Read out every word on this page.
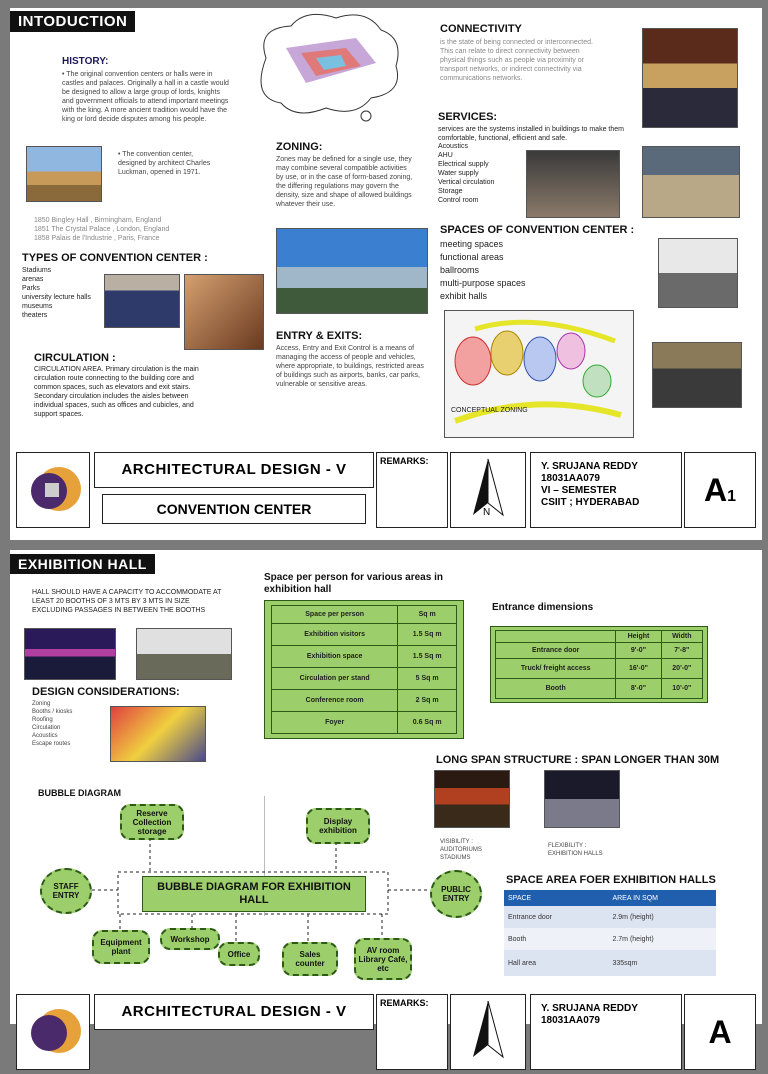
INTODUCTION
HISTORY:
• The original convention centers or halls were in castles and palaces. Originally a hall in a castle would be designed to allow a large group of lords, knights and government officials to attend important meetings with the king. A more ancient tradition would have the king or lord decide disputes among his people.
• The convention center, designed by architect Charles Luckman, opened in 1971.
1850 Bingley Hall , Birmingham, England
1851 The Crystal Palace , London, England
1858 Palais de l'Industrie , Paris, France
TYPES OF CONVENTION CENTER :
Stadiums
arenas
Parks
university lecture halls
museums
theaters
CIRCULATION :
CIRCULATION AREA. Primary circulation is the main circulation route connecting to the building core and common spaces, such as elevators and exit stairs. Secondary circulation includes the aisles between individual spaces, such as offices and cubicles, and support spaces.
ZONING:
Zones may be defined for a single use, they may combine several compatible activities by use, or in the case of form-based zoning, the differing regulations may govern the density, size and shape of allowed buildings whatever their use.
ENTRY & EXITS:
Access, Entry and Exit Control is a means of managing the access of people and vehicles, where appropriate, to buildings, restricted areas of buildings such as airports, banks, car parks, vulnerable or sensitive areas.
CONNECTIVITY
is the state of being connected or interconnected. This can relate to direct connectivity between physical things such as people via proximity or transport networks, or indirect connectivity via communications networks.
SERVICES:
services are the systems installed in buildings to make them comfortable, functional, efficient and safe.
Acoustics
AHU
Electrical supply
Water supply
Vertical circulation
Storage
Control room
SPACES OF CONVENTION CENTER :
meeting spaces
functional areas
ballrooms
multi-purpose spaces
exhibit halls
CONCEPTUAL ZONING
ARCHITECTURAL DESIGN - V
CONVENTION CENTER
REMARKS:
N
Y. SRUJANA REDDY
18031AA079
VI – SEMESTER
CSIIT ; HYDERABAD	A1
EXHIBITION HALL
HALL SHOULD HAVE A CAPACITY TO ACCOMMODATE AT LEAST 20 BOOTHS OF 3 MTS BY 3 MTS IN SIZE EXCLUDING PASSAGES IN BETWEEN THE BOOTHS
DESIGN CONSIDERATIONS:
Zoning
Booths / kiosks
Roofing
Circulation
Acoustics
Escape routes
Space per person for various areas in exhibition hall
Space per person	Sq m
Exhibition visitors	1.5 Sq m
Exhibition space	1.5 Sq m
Circulation per stand	5 Sq m
Conference room	2 Sq m
Foyer	0.6 Sq m
Entrance dimensions
	Height	Width
Entrance door	9'-0"	7'-8"
Truck/ freight access	16'-0"	20'-0"
Booth	8'-0"	10'-0"
LONG SPAN STRUCTURE : SPAN LONGER THAN 30M
VISIBILITY :
AUDITORIUMS
STADIUMS
FLEXIBILITY :
EXHIBITION HALLS
BUBBLE DIAGRAM
Reserve Collection storage
Display exhibition
BUBBLE DIAGRAM FOR EXHIBITION HALL
STAFF ENTRY
PUBLIC ENTRY
Equipment plant
Workshop
Office	Sales counter
AV room Library Café, etc
SPACE AREA FOER EXHIBITION HALLS
SPACE	AREA IN SQM
Entrance door	2.9m (height)
Booth	2.7m (height)
Hall area	335sqm
ARCHITECTURAL DESIGN - V	REMARKS:	Y. SRUJANA REDDY
18031AA079	A
